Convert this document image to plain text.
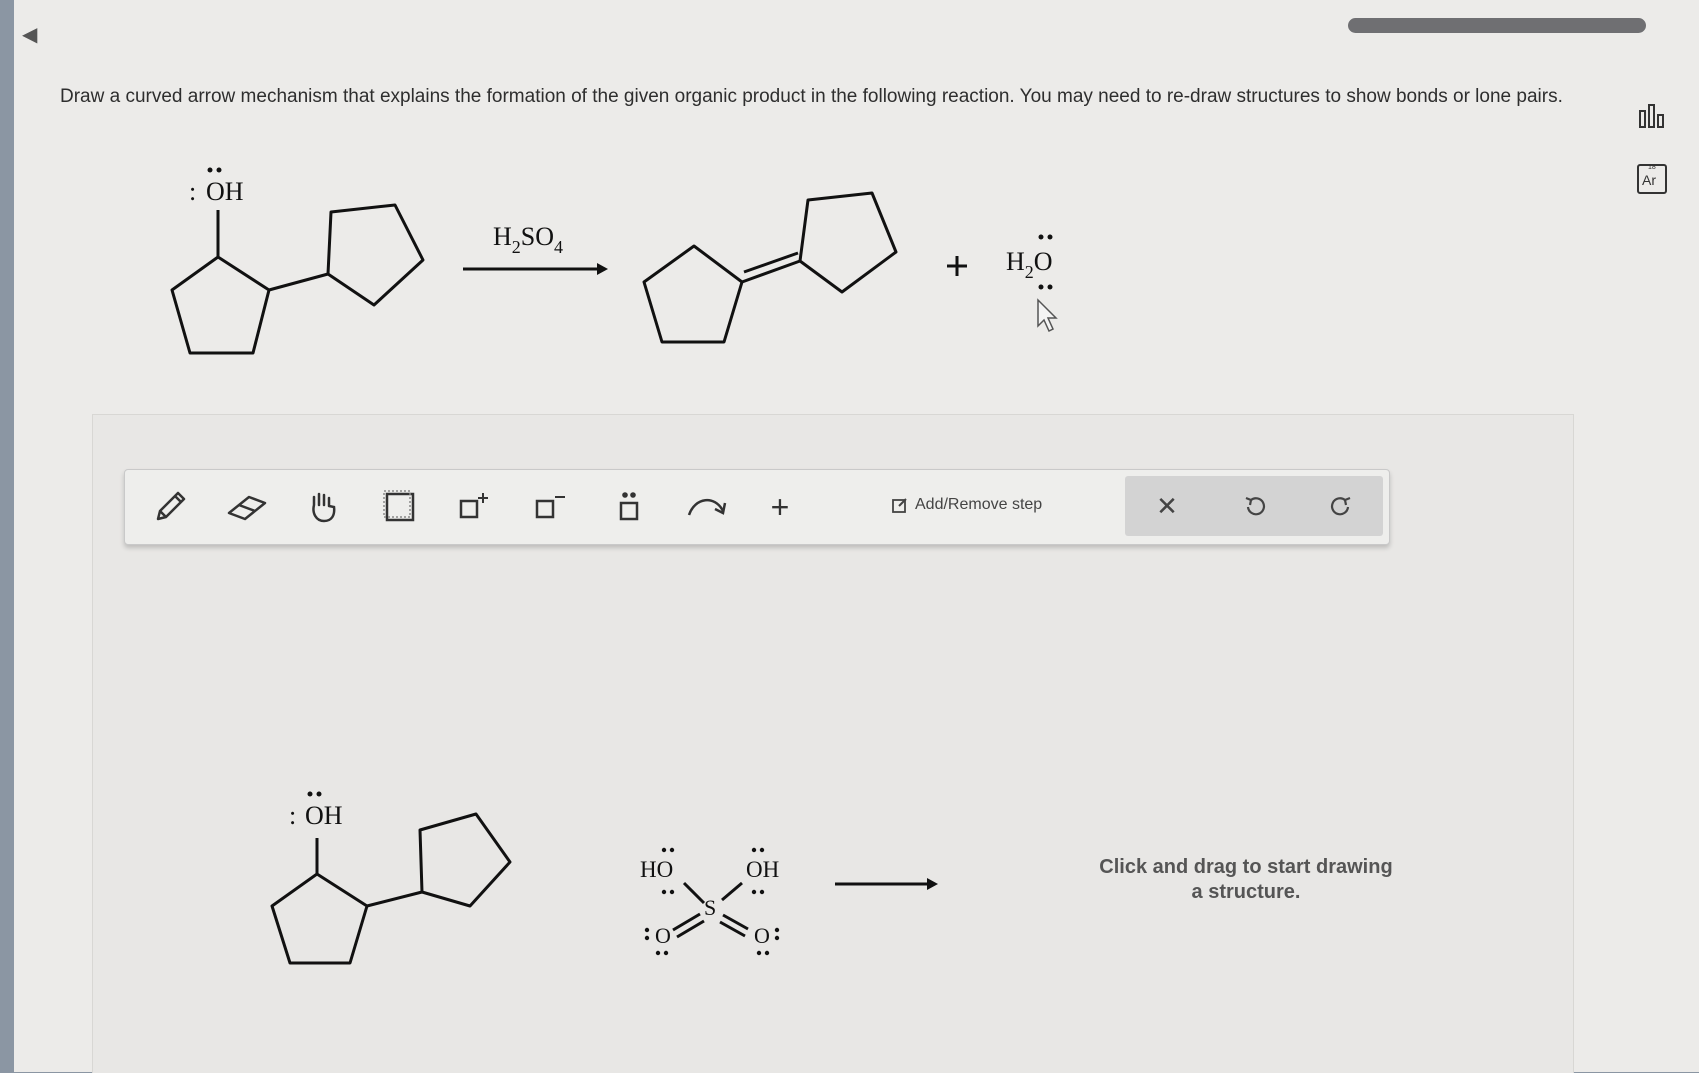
◀
Draw a curved arrow mechanism that explains the formation of the given organic product in the following reaction. You may need to re-draw structures to show bonds or lone pairs.
18
Ar
OH
:
$H_2SO_4$	$H_2O$
+	Add/Remove step	✕
OH
:
HO	OH
S
O	O
Click and drag to start drawing a structure.
